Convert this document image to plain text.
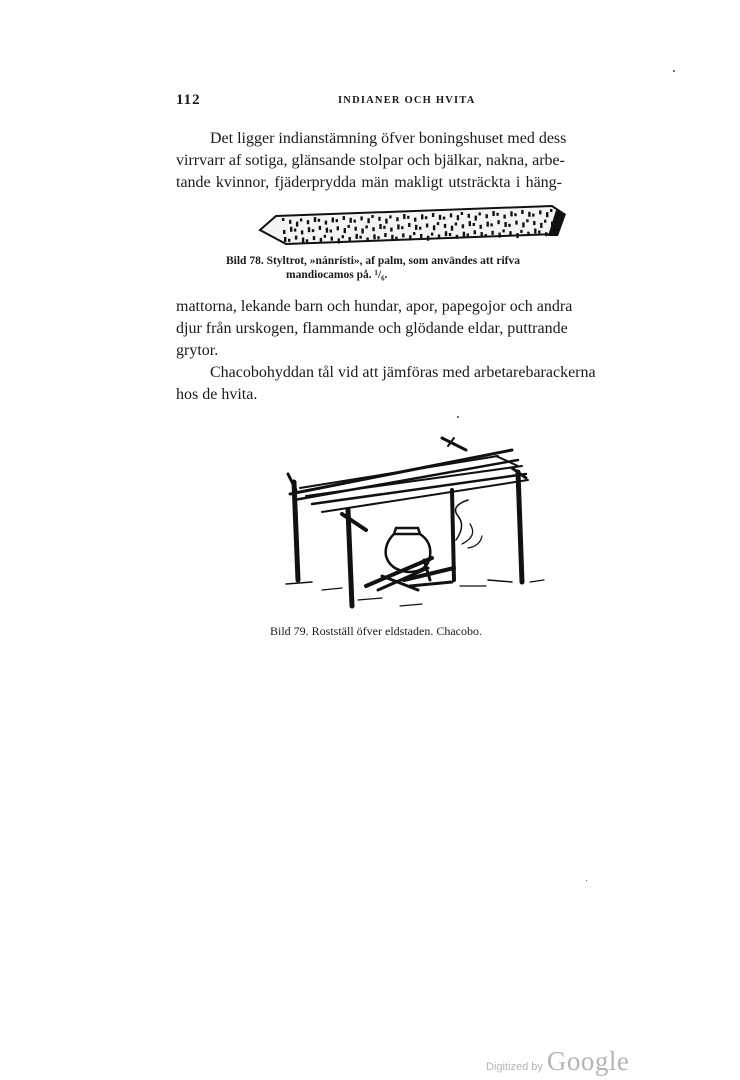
112	INDIANER OCH HVITA

Det ligger indianstämning öfver boningshuset med dess
virrvarr af sotiga, glänsande stolpar och bjälkar, nakna, arbe-
tande kvinnor, fjäderprydda män makligt utsträckta i häng-

Bild 78. Styltrot, »nánrísti», af palm, som användes att rifva
mandiocamos på. ¹/₆.

mattorna, lekande barn och hundar, apor, papegojor och andra
djur från urskogen, flammande och glödande eldar, puttrande
grytor.

Chacobohyddan tål vid att jämföras med arbetarebarackerna
hos de hvita.

Bild 79. Rostställ öfver eldstaden. Chacobo.
Digitized by Google
